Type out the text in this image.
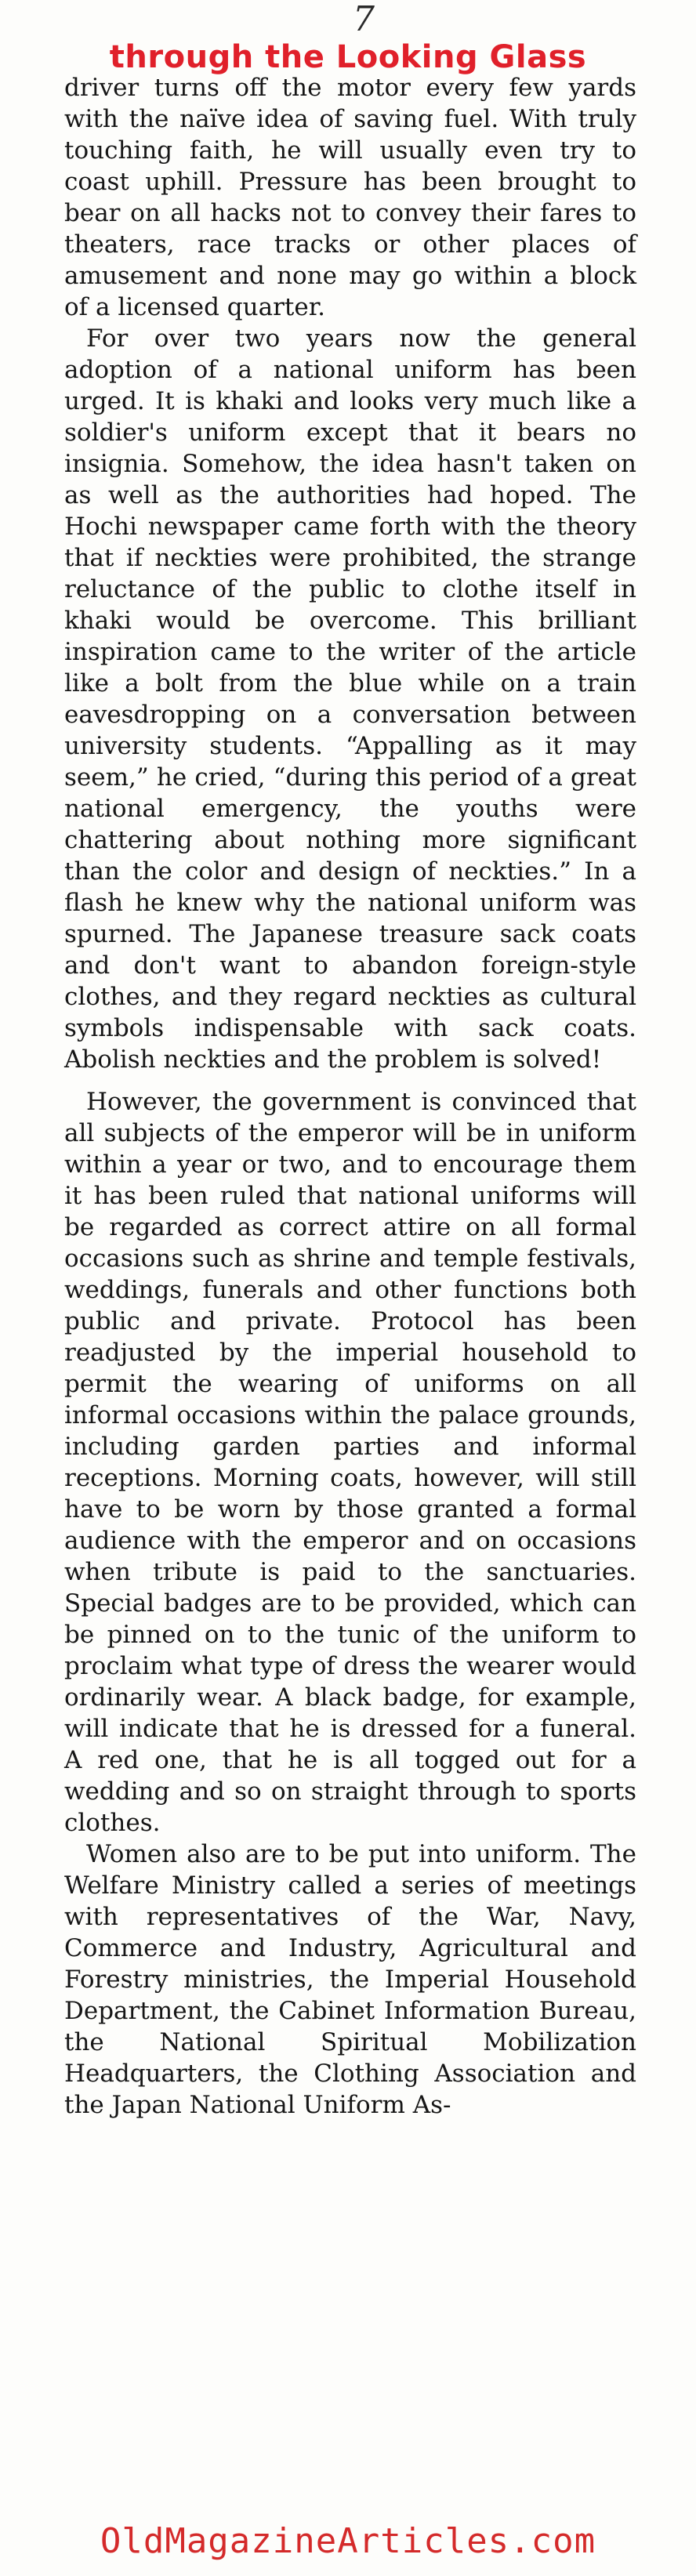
7
through the Looking Glass

driver turns off the motor every few yards with the naïve idea of saving fuel. With truly touching faith, he will usually even try to coast uphill. Pressure has been brought to bear on all hacks not to convey their fares to theaters, race tracks or other places of amusement and none may go within a block of a licensed quarter.

For over two years now the general adoption of a national uniform has been urged. It is khaki and looks very much like a soldier's uniform except that it bears no insignia. Somehow, the idea hasn't taken on as well as the authorities had hoped. The Hochi newspaper came forth with the theory that if neckties were prohibited, the strange reluctance of the public to clothe itself in khaki would be overcome. This brilliant inspiration came to the writer of the article like a bolt from the blue while on a train eavesdropping on a conversation between university students. “Appalling as it may seem,” he cried, “during this period of a great national emergency, the youths were chattering about nothing more significant than the color and design of neckties.” In a flash he knew why the national uniform was spurned. The Japanese treasure sack coats and don't want to abandon foreign-style clothes, and they regard neckties as cultural symbols indispensable with sack coats. Abolish neckties and the problem is solved!

However, the government is convinced that all subjects of the emperor will be in uniform within a year or two, and to encourage them it has been ruled that national uniforms will be regarded as correct attire on all formal occasions such as shrine and temple festivals, weddings, funerals and other functions both public and private. Protocol has been readjusted by the imperial household to permit the wearing of uniforms on all informal occasions within the palace grounds, including garden parties and informal receptions. Morning coats, however, will still have to be worn by those granted a formal audience with the emperor and on occasions when tribute is paid to the sanctuaries. Special badges are to be provided, which can be pinned on to the tunic of the uniform to proclaim what type of dress the wearer would ordinarily wear. A black badge, for example, will indicate that he is dressed for a funeral. A red one, that he is all togged out for a wedding and so on straight through to sports clothes.

Women also are to be put into uniform. The Welfare Ministry called a series of meetings with representatives of the War, Navy, Commerce and Industry, Agricultural and Forestry ministries, the Imperial Household Department, the Cabinet Information Bureau, the National Spiritual Mobilization Headquarters, the Clothing Association and the Japan National Uniform As-

OldMagazineArticles.com
